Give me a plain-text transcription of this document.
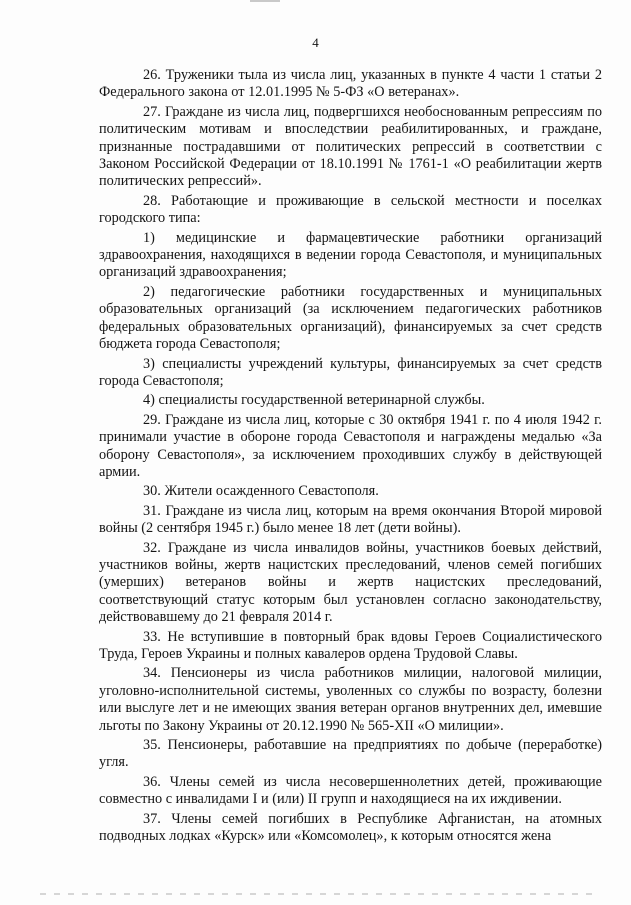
4

26. Труженики тыла из числа лиц, указанных в пункте 4 части 1 статьи 2 Федерального закона от 12.01.1995 № 5-ФЗ «О ветеранах».

27. Граждане из числа лиц, подвергшихся необоснованным репрессиям по политическим мотивам и впоследствии реабилитированных, и граждане, признанные пострадавшими от политических репрессий в соответствии с Законом Российской Федерации от 18.10.1991 № 1761-1 «О реабилитации жертв политических репрессий».

28. Работающие и проживающие в сельской местности и поселках городского типа:

1) медицинские и фармацевтические работники организаций здравоохранения, находящихся в ведении города Севастополя, и муниципальных организаций здравоохранения;

2) педагогические работники государственных и муниципальных образовательных организаций (за исключением педагогических работников федеральных образовательных организаций), финансируемых за счет средств бюджета города Севастополя;

3) специалисты учреждений культуры, финансируемых за счет средств города Севастополя;

4) специалисты государственной ветеринарной службы.

29. Граждане из числа лиц, которые с 30 октября 1941 г. по 4 июля 1942 г. принимали участие в обороне города Севастополя и награждены медалью «За оборону Севастополя», за исключением проходивших службу в действующей армии.

30. Жители осажденного Севастополя.

31. Граждане из числа лиц, которым на время окончания Второй мировой войны (2 сентября 1945 г.) было менее 18 лет (дети войны).

32. Граждане из числа инвалидов войны, участников боевых действий, участников войны, жертв нацистских преследований, членов семей погибших (умерших) ветеранов войны и жертв нацистских преследований, соответствующий статус которым был установлен согласно законодательству, действовавшему до 21 февраля 2014 г.

33. Не вступившие в повторный брак вдовы Героев Социалистического Труда, Героев Украины и полных кавалеров ордена Трудовой Славы.

34. Пенсионеры из числа работников милиции, налоговой милиции, уголовно-исполнительной системы, уволенных со службы по возрасту, болезни или выслуге лет и не имеющих звания ветеран органов внутренних дел, имевшие льготы по Закону Украины от 20.12.1990 № 565-XII «О милиции».

35. Пенсионеры, работавшие на предприятиях по добыче (переработке) угля.

36. Члены семей из числа несовершеннолетних детей, проживающие совместно с инвалидами I и (или) II групп и находящиеся на их иждивении.

37. Члены семей погибших в Республике Афганистан, на атомных подводных лодках «Курск» или «Комсомолец», к которым относятся жена
